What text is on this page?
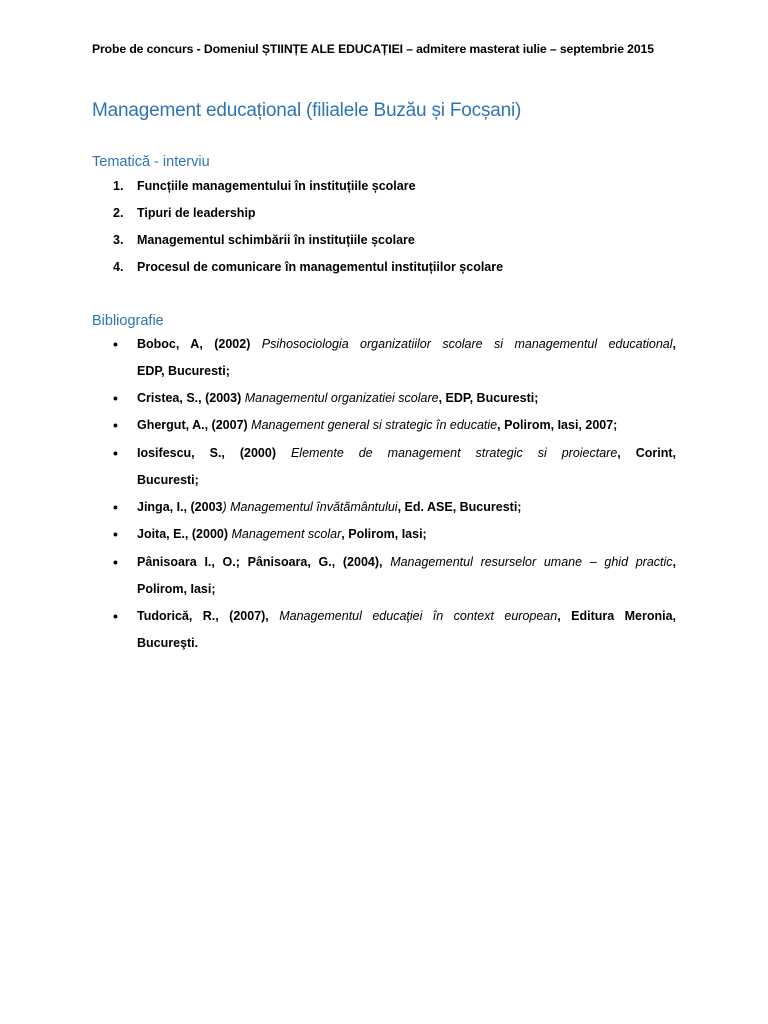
Probe de concurs - Domeniul ȘTIINȚE ALE EDUCAȚIEI – admitere masterat iulie – septembrie 2015
Management educațional (filialele Buzău și Focșani)
Tematică - interviu
1. Funcțiile managementului în instituțiile școlare
2. Tipuri de leadership
3. Managementul schimbării în instituțiile școlare
4. Procesul de comunicare în managementul instituțiilor școlare
Bibliografie
• Boboc, A, (2002) Psihosociologia organizatiilor scolare si managementul educational,
EDP, Bucuresti;
• Cristea, S., (2003) Managementul organizatiei scolare, EDP, Bucuresti;
• Ghergut, A., (2007) Management general si strategic în educatie, Polirom, Iasi, 2007;
• Iosifescu, S., (2000) Elemente de management strategic si proiectare, Corint,
Bucuresti;
• Jinga, I., (2003) Managementul învătământului, Ed. ASE, Bucuresti;
• Joita, E., (2000) Management scolar, Polirom, Iasi;
• Pânisoara I., O.; Pânisoara, G., (2004), Managementul resurselor umane – ghid practic,
Polirom, Iasi;
• Tudorică, R., (2007), Managementul educaţiei în context european, Editura Meronia,
Bucureşti.
